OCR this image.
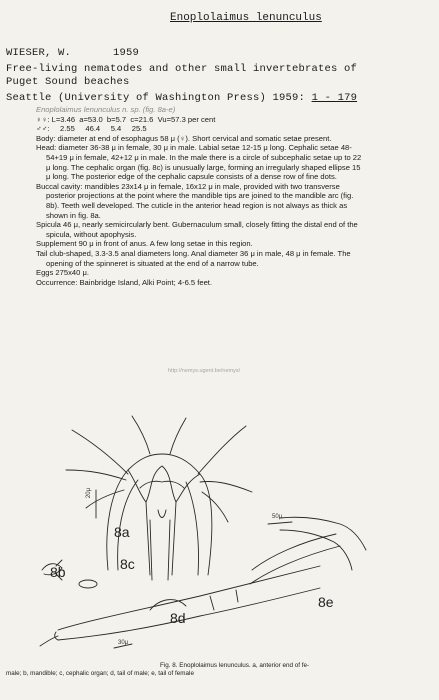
Enoplolaimus lenunculus
WIESER, W.	1959
Free-living nematodes and other small invertebrates of
Puget Sound beaches
Seattle (University of Washington Press) 1959: 1 - 179

Enoplolaimus lenunculus n. sp. (fig. 8a-e)

♀♀: L=3.46  a=53.0  b=5.7  c=21.6  Vu=57.3 per cent

♂♂:     2.55     46.4     5.4     25.5

Body: diameter at end of esophagus 58 μ (♀). Short cervical and somatic setae present.

Head: diameter 36-38 μ in female, 30 μ in male. Labial setae 12-15 μ long. Cephalic setae 48-54+19 μ in female, 42+12 μ in male. In the male there is a circle of subcephalic setae up to 22 μ long. The cephalic organ (fig. 8c) is unusually large, forming an irregularly shaped ellipse 15 μ long. The posterior edge of the cephalic capsule consists of a dense row of fine dots.

Buccal cavity: mandibles 23x14 μ in female, 16x12 μ in male, provided with two transverse posterior projections at the point where the mandible tips are joined to the mandible arc (fig. 8b). Teeth well developed. The cuticle in the anterior head region is not always as thick as shown in fig. 8a.

Spicula 46 μ, nearly semicircularly bent. Gubernaculum small, closely fitting the distal end of the spicula, without apophysis.

Supplement 90 μ in front of anus. A few long setae in this region.

Tail club-shaped, 3.3-3.5 anal diameters long. Anal diameter 36 μ in male, 48 μ in female. The opening of the spinneret is situated at the end of a narrow tube.

Eggs 275x40 μ.

Occurrence: Bainbridge Island, Alki Point; 4-6.5 feet.

http://nemys.ugent.be/nemys/
8a
8b	8c
8d
8e
20μ
30μ
50μ
Fig. 8. Enoplolaimus lenunculus. a, anterior end of fe-
male; b, mandible; c, cephalic organ; d, tail of male; e, tail of female
